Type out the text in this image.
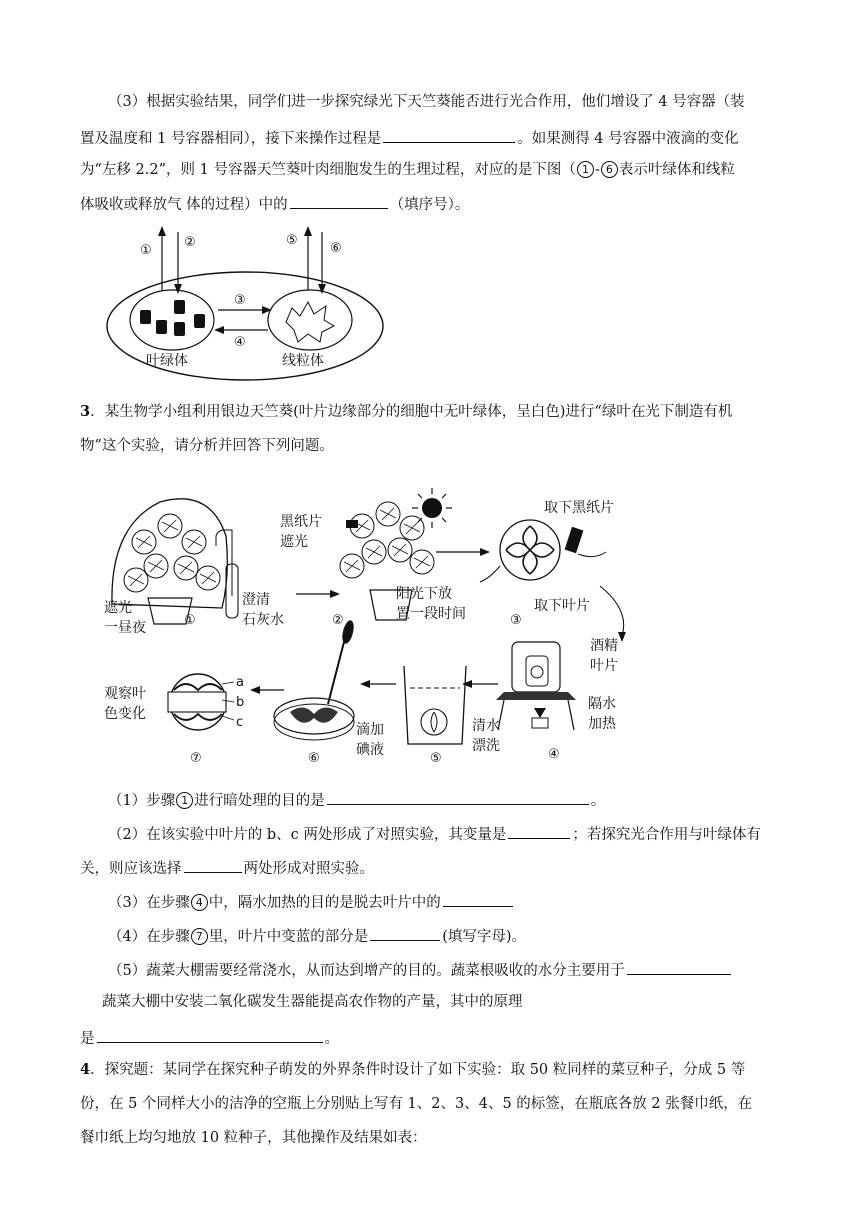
（3）根据实验结果，同学们进一步探究绿光下天竺葵能否进行光合作用，他们增设了 4 号容器（装
置及温度和 1 号容器相同），接下来操作过程是	。如果测得 4 号容器中液滴的变化
为“左移 2.2”，则 1 号容器天竺葵叶肉细胞发生的生理过程，对应的是下图（ 1 - 6 表示叶绿体和线粒
体吸收或释放气 体的过程）中的	（填序号）。
①
②	⑤
⑥
叶绿体	线粒体
③
④
3．某生物学小组利用银边天竺葵(叶片边缘部分的细胞中无叶绿体，呈白色)进行“绿叶在光下制造有机
物”这个实验，请分析并回答下列问题。
遮光
一昼夜	①
澄清
石灰水
黑纸片
遮光
阳光下放
置一段时间
②
取下黑纸片
取下叶片
③
酒精
叶片
隔水
加热
④
清水
漂洗
⑤
滴加
碘液
⑥
a
b
c
观察叶
色变化
⑦
（1）步骤 1 进行暗处理的目的是	。
（2）在该实验中叶片的 b、c 两处形成了对照实验，其变量是	；若探究光合作用与叶绿体有
关，则应该选择	两处形成对照实验。
（3）在步骤 4 中，隔水加热的目的是脱去叶片中的
（4）在步骤 7 里，叶片中变蓝的部分是	(填写字母)。
（5）蔬菜大棚需要经常浇水，从而达到增产的目的。蔬菜根吸收的水分主要用于
蔬菜大棚中安装二氧化碳发生器能提高农作物的产量，其中的原理
是	。
4．探究题：某同学在探究种子萌发的外界条件时设计了如下实验：取 50 粒同样的菜豆种子，分成 5 等
份，在 5 个同样大小的洁净的空瓶上分别贴上写有 1、2、3、4、5 的标签，在瓶底各放 2 张餐巾纸，在
餐巾纸上均匀地放 10 粒种子，其他操作及结果如表：
